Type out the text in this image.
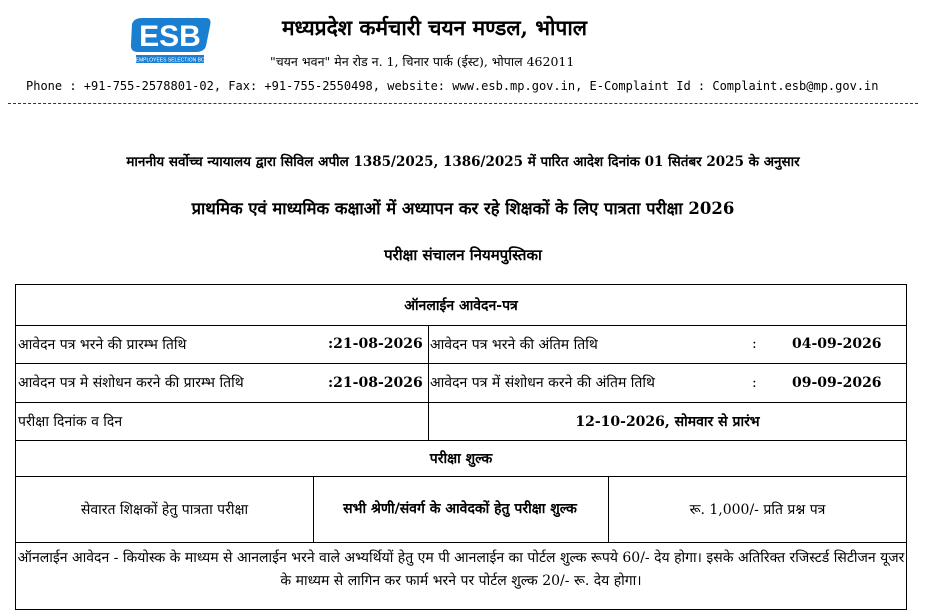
ESB
M.P. EMPLOYEES SELECTION BOARD
मध्यप्रदेश कर्मचारी चयन मण्डल, भोपाल
"चयन भवन" मेन रोड न. 1, चिनार पार्क (ईस्ट), भोपाल 462011
Phone : +91-755-2578801-02, Fax: +91-755-2550498, website: www.esb.mp.gov.in, E-Complaint Id : Complaint.esb@mp.gov.in
माननीय सर्वोच्च न्यायालय द्वारा सिविल अपील 1385/2025, 1386/2025 में पारित आदेश दिनांक 01 सितंबर 2025 के अनुसार
प्राथमिक एवं माध्यमिक कक्षाओं में अध्यापन कर रहे शिक्षकों के लिए पात्रता परीक्षा 2026
परीक्षा संचालन नियमपुस्तिका
ऑनलाईन आवेदन-पत्र
आवेदन पत्र भरने की प्रारम्भ तिथि	:21-08-2026 आवेदन पत्र भरने की अंतिम तिथि	:	04-09-2026
आवेदन पत्र मे संशोधन करने की प्रारम्भ तिथि	:21-08-2026 आवेदन पत्र में संशोधन करने की अंतिम तिथि	:	09-09-2026
परीक्षा दिनांक व दिन	12-10-2026, सोमवार से प्रारंभ
परीक्षा शुल्क
सेवारत शिक्षकों हेतु पात्रता परीक्षा	सभी श्रेणी/संवर्ग के आवेदकों हेतु परीक्षा शुल्क	रू. 1,000/- प्रति प्रश्न पत्र
ऑनलाईन आवेदन - कियोस्क के माध्यम से आनलाईन भरने वाले अभ्यर्थियों हेतु एम पी आनलाईन का पोर्टल शुल्क रूपये 60/- देय होगा। इसके अतिरिक्त रजिस्टर्ड सिटीजन यूजर के माध्यम से लागिन कर फार्म भरने पर पोर्टल शुल्क 20/- रू. देय होगा।
